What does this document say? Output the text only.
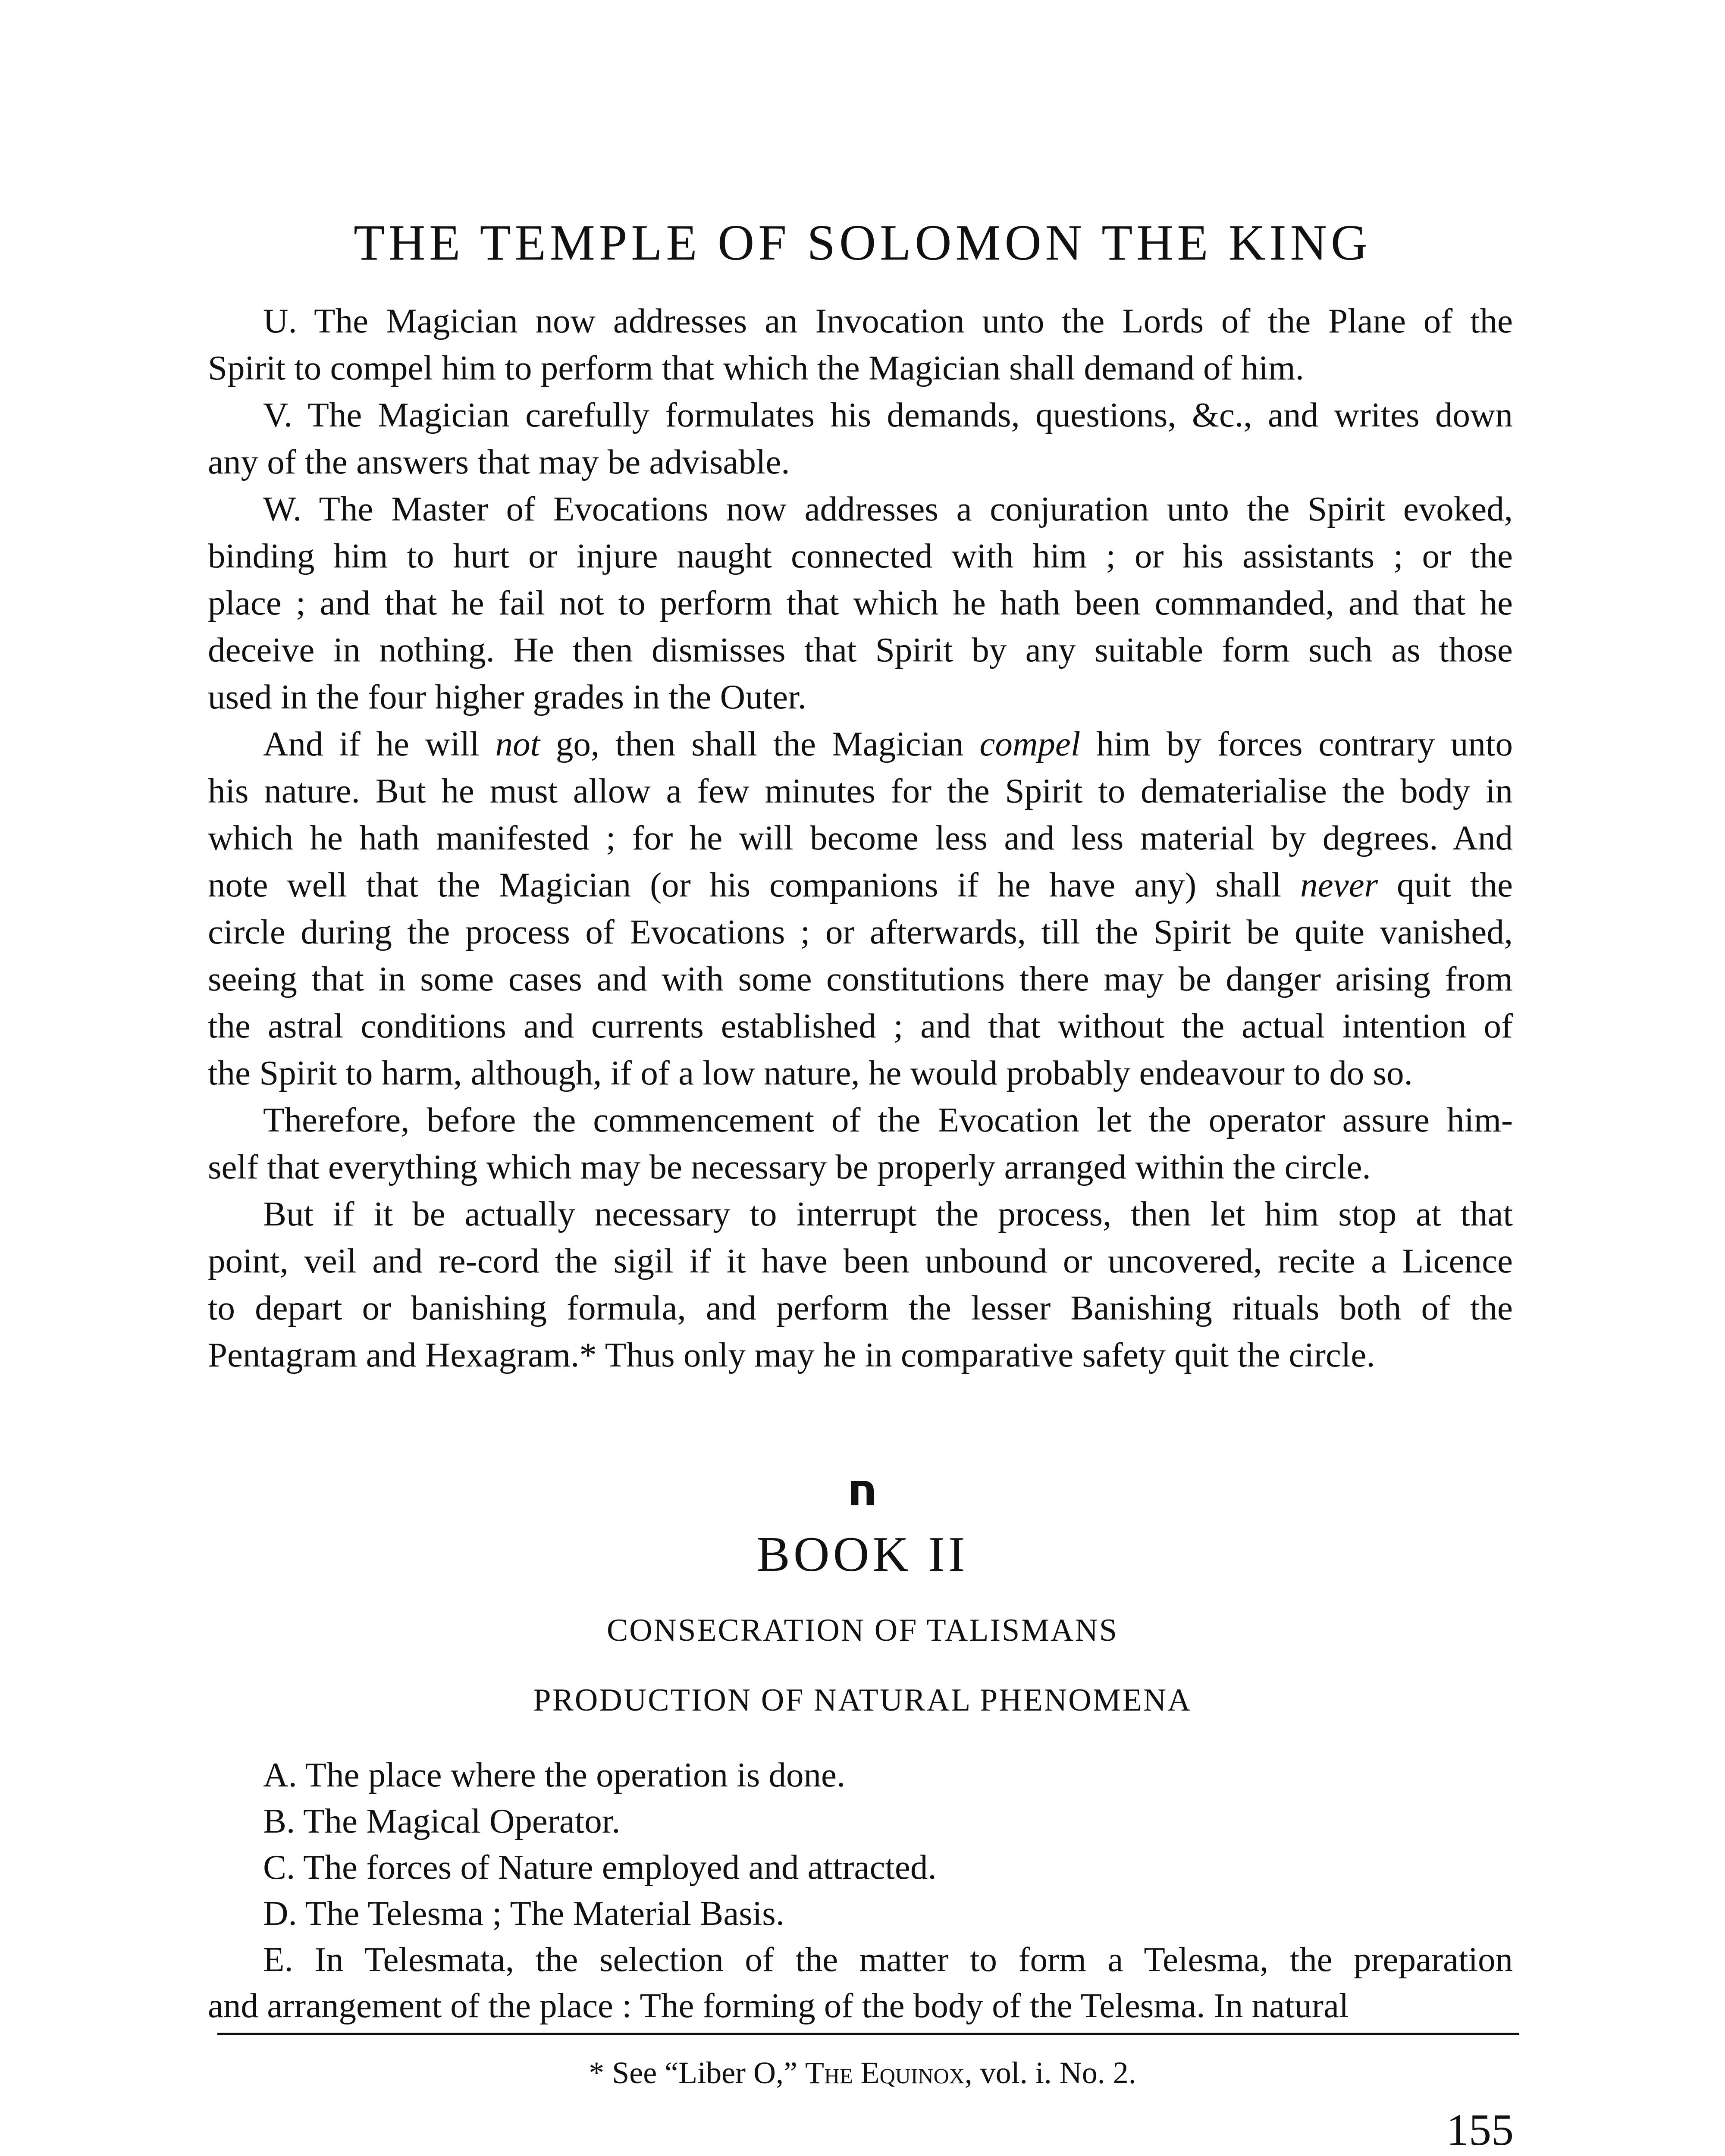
THE TEMPLE OF SOLOMON THE KING
U. The Magician now addresses an Invocation unto the Lords of the Plane of the
Spirit to compel him to perform that which the Magician shall demand of him.
V. The Magician carefully formulates his demands, questions, &c., and writes down
any of the answers that may be advisable.
W. The Master of Evocations now addresses a conjuration unto the Spirit evoked,
binding him to hurt or injure naught connected with him ; or his assistants ; or the
place ; and that he fail not to perform that which he hath been commanded, and that he
deceive in nothing. He then dismisses that Spirit by any suitable form such as those
used in the four higher grades in the Outer.
And if he will not go, then shall the Magician compel him by forces contrary unto
his nature. But he must allow a few minutes for the Spirit to dematerialise the body in
which he hath manifested ; for he will become less and less material by degrees. And
note well that the Magician (or his companions if he have any) shall never quit the
circle during the process of Evocations ; or afterwards, till the Spirit be quite vanished,
seeing that in some cases and with some constitutions there may be danger arising from
the astral conditions and currents established ; and that without the actual intention of
the Spirit to harm, although, if of a low nature, he would probably endeavour to do so.
Therefore, before the commencement of the Evocation let the operator assure him-
self that everything which may be necessary be properly arranged within the circle.
But if it be actually necessary to interrupt the process, then let him stop at that
point, veil and re-cord the sigil if it have been unbound or uncovered, recite a Licence
to depart or banishing formula, and perform the lesser Banishing rituals both of the
Pentagram and Hexagram.* Thus only may he in comparative safety quit the circle.
ח
BOOK II
CONSECRATION OF TALISMANS
PRODUCTION OF NATURAL PHENOMENA
A. The place where the operation is done.
B. The Magical Operator.
C. The forces of Nature employed and attracted.
D. The Telesma ; The Material Basis.
E. In Telesmata, the selection of the matter to form a Telesma, the preparation
and arrangement of the place : The forming of the body of the Telesma. In natural
* See “Liber O,” The Equinox, vol. i. No. 2.
155
